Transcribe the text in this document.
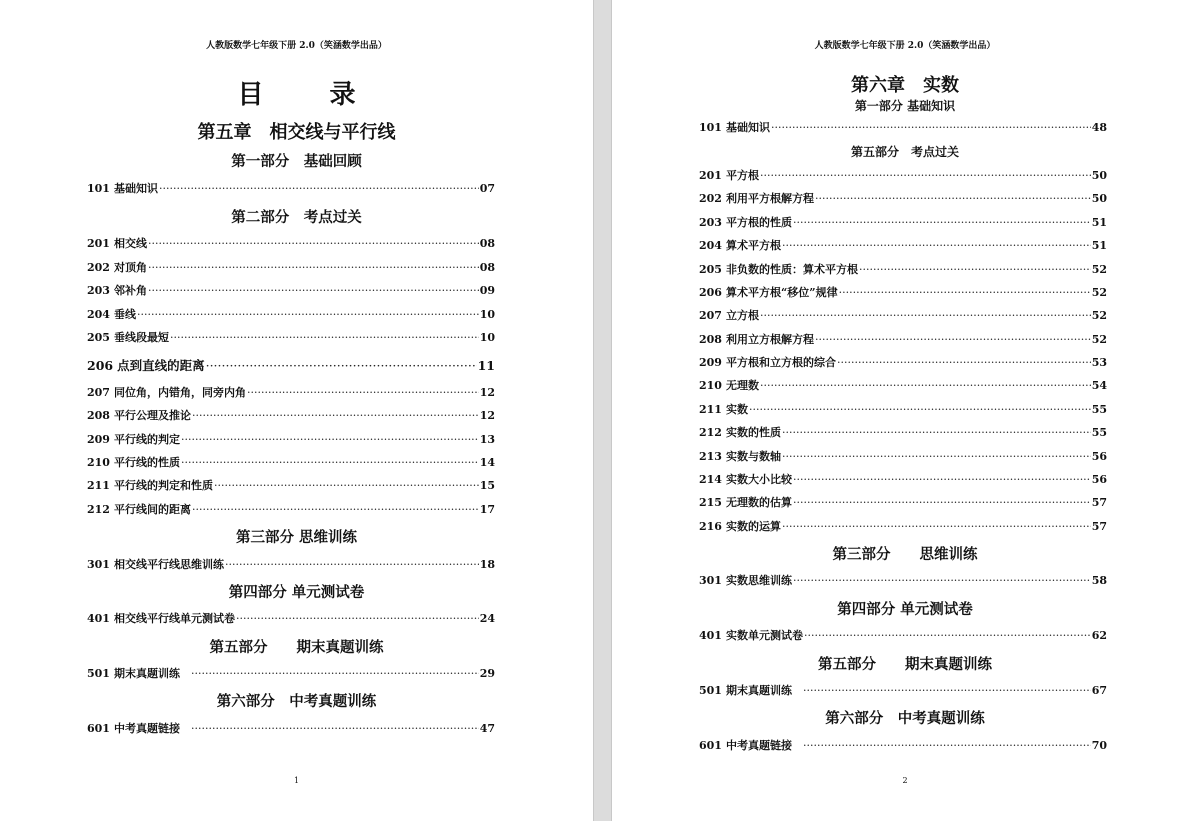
人教版数学七年级下册 2.0（笑涵数学出品）
目　录
第五章　相交线与平行线
第一部分　基础回顾
101 基础知识 ·····	07
第二部分　考点过关
201 相交线 ·····	08
202 对顶角 ·····	08
203 邻补角 ·····	09
204 垂线 ·····	10
205 垂线段最短 ·····	10
206 点到直线的距离 ·····	11
207 同位角，内错角，同旁内角 ·····	12
208 平行公理及推论 ·····	12
209 平行线的判定 ·····	13
210 平行线的性质 ·····	14
211 平行线的判定和性质 ·····	15
212 平行线间的距离 ·····	17
第三部分 思维训练
301 相交线平行线思维训练 ·····	18
第四部分 单元测试卷
401 相交线平行线单元测试卷 ·····	24
第五部分　　期末真题训练
501 期末真题训练 ·····	29
第六部分　中考真题训练
601 中考真题链接 ·····	47
1
人教版数学七年级下册 2.0（笑涵数学出品）
第六章　实数
第一部分 基础知识
101 基础知识 ·····	48
第五部分　考点过关
201 平方根 ·····	50
202 利用平方根解方程 ·····	50
203 平方根的性质 ·····	51
204 算术平方根 ·····	51
205 非负数的性质：算术平方根 ·····	52
206 算术平方根“移位”规律 ·····	52
207 立方根 ·····	52
208 利用立方根解方程 ·····	52
209 平方根和立方根的综合 ·····	53
210 无理数 ·····	54
211 实数 ·····	55
212 实数的性质 ·····	55
213 实数与数轴 ·····	56
214 实数大小比较 ·····	56
215 无理数的估算 ·····	57
216 实数的运算 ·····	57
第三部分　　思维训练
301 实数思维训练 ·····	58
第四部分 单元测试卷
401 实数单元测试卷 ·····	62
第五部分　　期末真题训练
501 期末真题训练 ·····	67
第六部分　中考真题训练
601 中考真题链接 ·····	70
2
